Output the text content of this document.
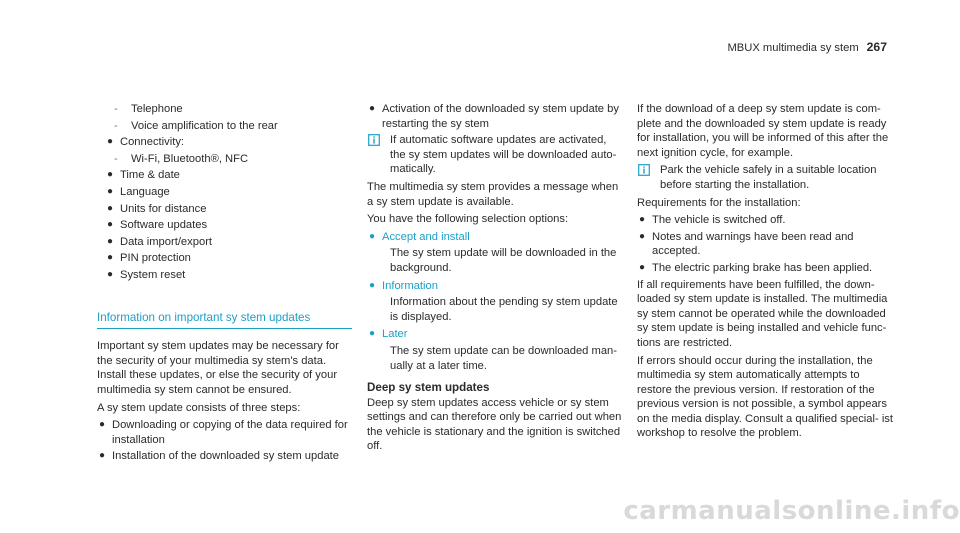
MBUX multimedia sy stem 267
- Telephone
- Voice amplification to the rear
● Connectivity:
- Wi-Fi, Bluetooth®, NFC
● Time & date
● Language
● Units for distance
● Software updates
● Data import/export
● PIN protection
● System reset
Information on important sy stem updates

Important sy stem updates may be necessary for the security of your multimedia sy stem's data. Install these updates, or else the security of your multimedia sy stem cannot be ensured.

A sy stem update consists of three steps:

● Downloading or copying of the data required for installation
● Installation of the downloaded sy stem update
● Activation of the downloaded sy stem update by restarting the sy stem
If automatic software updates are activated, the sy stem updates will be downloaded auto‐ matically.

The multimedia sy stem provides a message when a sy stem update is available.

You have the following selection options:

● Accept and install
The sy stem update will be downloaded in the background.
● Information
Information about the pending sy stem update is displayed.
● Later
The sy stem update can be downloaded man‐ ually at a later time.
Deep sy stem updates

Deep sy stem updates access vehicle or sy stem settings and can therefore only be carried out when the vehicle is stationary and the ignition is switched off.

If the download of a deep sy stem update is com‐ plete and the downloaded sy stem update is ready for installation, you will be informed of this after the next ignition cycle, for example.

Park the vehicle safely in a suitable location before starting the installation.

Requirements for the installation:

● The vehicle is switched off.
● Notes and warnings have been read and accepted.
● The electric parking brake has been applied.

If all requirements have been fulfilled, the down‐ loaded sy stem update is installed. The multimedia sy stem cannot be operated while the downloaded sy stem update is being installed and vehicle func‐ tions are restricted.

If errors should occur during the installation, the multimedia sy stem automatically attempts to restore the previous version. If restoration of the previous version is not possible, a symbol appears on the media display. Consult a qualified special‐ ist workshop to resolve the problem.

carmanualsonline.info
